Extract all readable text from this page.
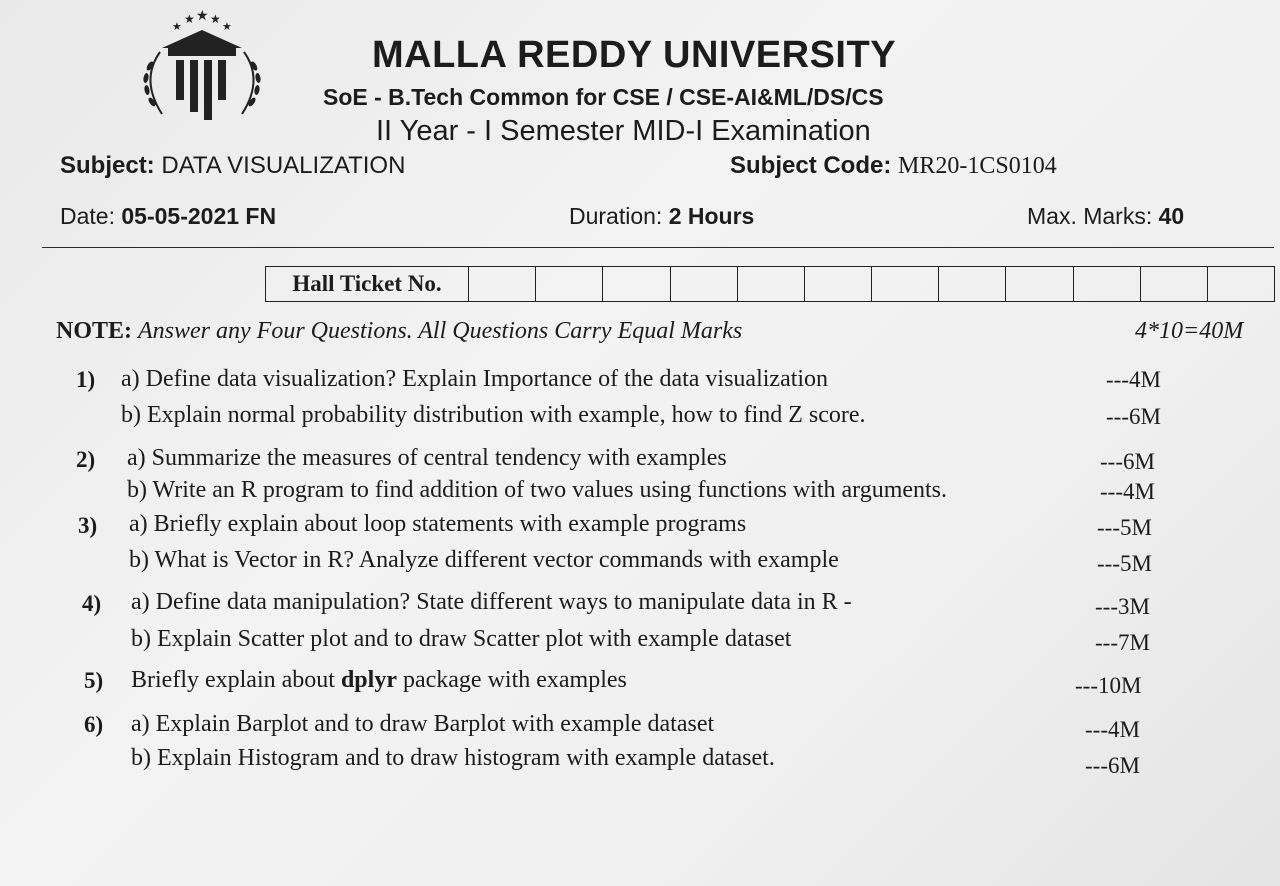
★
★ ★ ★
★
MALLA REDDY UNIVERSITY
SoE - B.Tech Common for CSE / CSE-AI&ML/DS/CS
II Year - I Semester MID-I Examination
Subject: DATA VISUALIZATION	Subject Code: MR20-1CS0104
Date: 05-05-2021 FN	Duration: 2 Hours	Max. Marks: 40
Hall Ticket No.
NOTE: Answer any Four Questions. All Questions Carry Equal Marks	4*10=40M
1) a) Define data visualization? Explain Importance of the data visualization	---4M
b) Explain normal probability distribution with example, how to find Z score.	---6M
2) a) Summarize the measures of central tendency with examples	---6M
b) Write an R program to find addition of two values using functions with arguments.	---4M
3) a) Briefly explain about loop statements with example programs	---5M
b) What is Vector in R? Analyze different vector commands with example	---5M
4) a) Define data manipulation? State different ways to manipulate data in R -	---3M
b) Explain Scatter plot and to draw Scatter plot with example dataset	---7M
5) Briefly explain about dplyr package with examples	---10M
6) a) Explain Barplot and to draw Barplot with example dataset	---4M
b) Explain Histogram and to draw histogram with example dataset.	---6M
